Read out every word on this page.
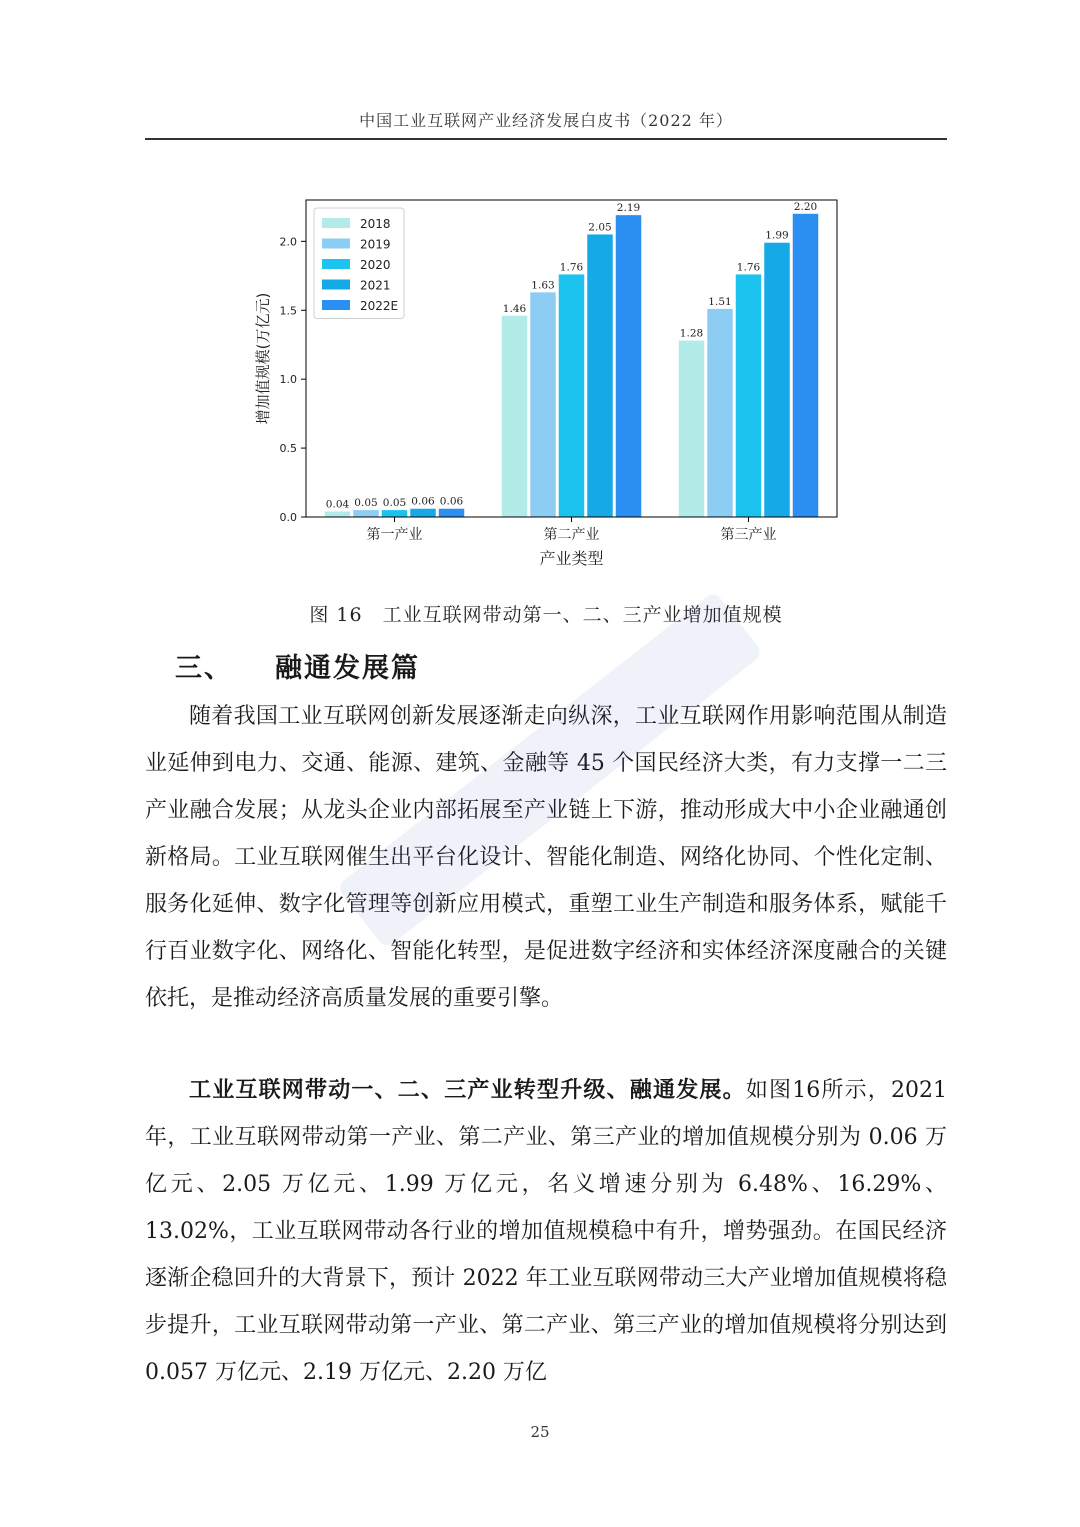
中国工业互联网产业经济发展白皮书（2022 年）
0.0
0.5
1.0
1.5
2.0
0.04 0.05 0.05 0.06 0.06
第一产业
1.46
1.63
1.76
2.05
2.19
第二产业
1.28
1.51
1.76
1.99
2.20
第三产业
产业类型
增加值规模(万亿元)
2018
2019
2020
2021
2022E
图 16　工业互联网带动第一、二、三产业增加值规模
三、 融通发展篇

随着我国工业互联网创新发展逐渐走向纵深，工业互联网作用影响范围从制造业延伸到电力、交通、能源、建筑、金融等 45 个国民经济大类，有力支撑一二三产业融合发展；从龙头企业内部拓展至产业链上下游，推动形成大中小企业融通创新格局。工业互联网催生出平台化设计、智能化制造、网络化协同、个性化定制、服务化延伸、数字化管理等创新应用模式，重塑工业生产制造和服务体系，赋能千行百业数字化、网络化、智能化转型，是促进数字经济和实体经济深度融合的关键依托，是推动经济高质量发展的重要引擎。

工业互联网带动一、二、三产业转型升级、融通发展。如图16所示，2021 年，工业互联网带动第一产业、第二产业、第三产业的增加值规模分别为 0.06 万亿元、2.05 万亿元、1.99 万亿元，名义增速分别为 6.48%、16.29%、13.02%，工业互联网带动各行业的增加值规模稳中有升，增势强劲。在国民经济逐渐企稳回升的大背景下，预计 2022 年工业互联网带动三大产业增加值规模将稳步提升，工业互联网带动第一产业、第二产业、第三产业的增加值规模将分别达到 0.057 万亿元、2.19 万亿元、2.20 万亿

25
